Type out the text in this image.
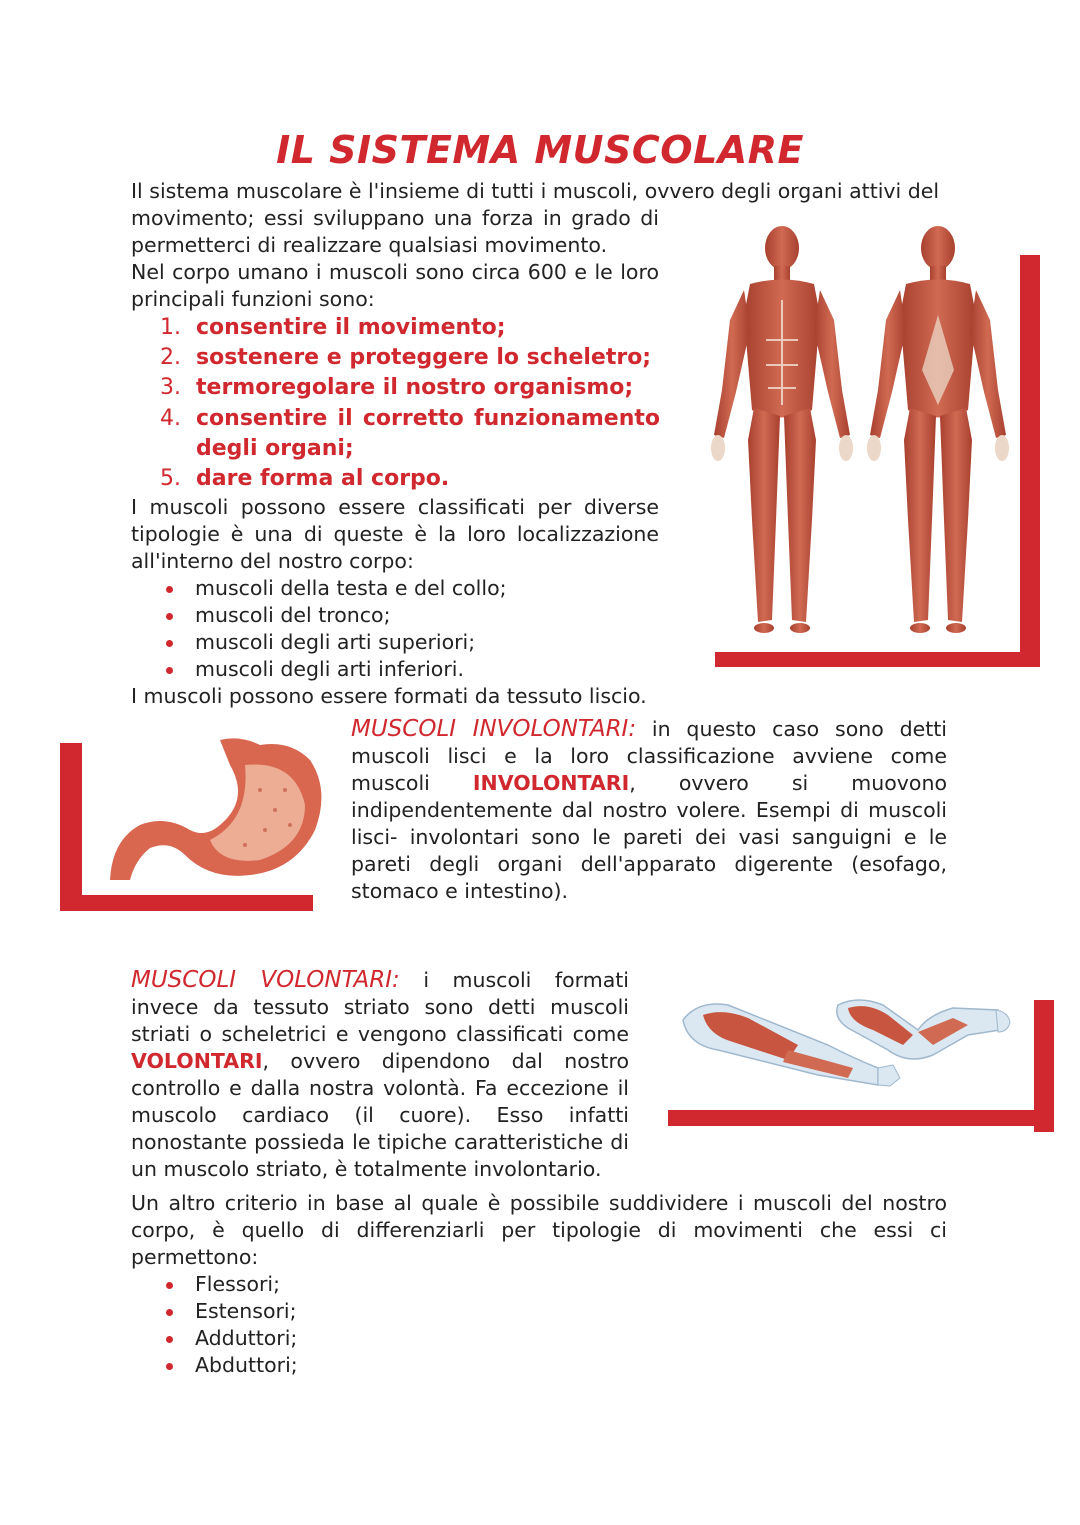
IL SISTEMA MUSCOLARE

Il sistema muscolare è l'insieme di tutti i muscoli, ovvero degli organi attivi del

movimento; essi sviluppano una forza in grado di permetterci di realizzare qualsiasi movimento.

Nel corpo umano i muscoli sono circa 600 e le loro principali funzioni sono:

1. consentire il movimento;
2. sostenere e proteggere lo scheletro;
3. termoregolare il nostro organismo;
4. consentire il corretto funzionamento degli organi;
5. dare forma al corpo.

I muscoli possono essere classificati per diverse tipologie è una di queste è la loro localizzazione all'interno del nostro corpo:

muscoli della testa e del collo;
muscoli del tronco;
muscoli degli arti superiori;
muscoli degli arti inferiori.

I muscoli possono essere formati da tessuto liscio.

MUSCOLI INVOLONTARI: in questo caso sono detti muscoli lisci e la loro classificazione avviene come muscoli INVOLONTARI, ovvero si muovono indipendentemente dal nostro volere. Esempi di muscoli lisci- involontari sono le pareti dei vasi sanguigni e le pareti degli organi dell'apparato digerente (esofago, stomaco e intestino).

MUSCOLI VOLONTARI: i muscoli formati invece da tessuto striato sono detti muscoli striati o scheletrici e vengono classificati come VOLONTARI, ovvero dipendono dal nostro controllo e dalla nostra volontà. Fa eccezione il muscolo cardiaco (il cuore). Esso infatti nonostante possieda le tipiche caratteristiche di un muscolo striato, è totalmente involontario.

Un altro criterio in base al quale è possibile suddividere i muscoli del nostro corpo, è quello di differenziarli per tipologie di movimenti che essi ci permettono:

Flessori;
Estensori;
Adduttori;
Abduttori;
